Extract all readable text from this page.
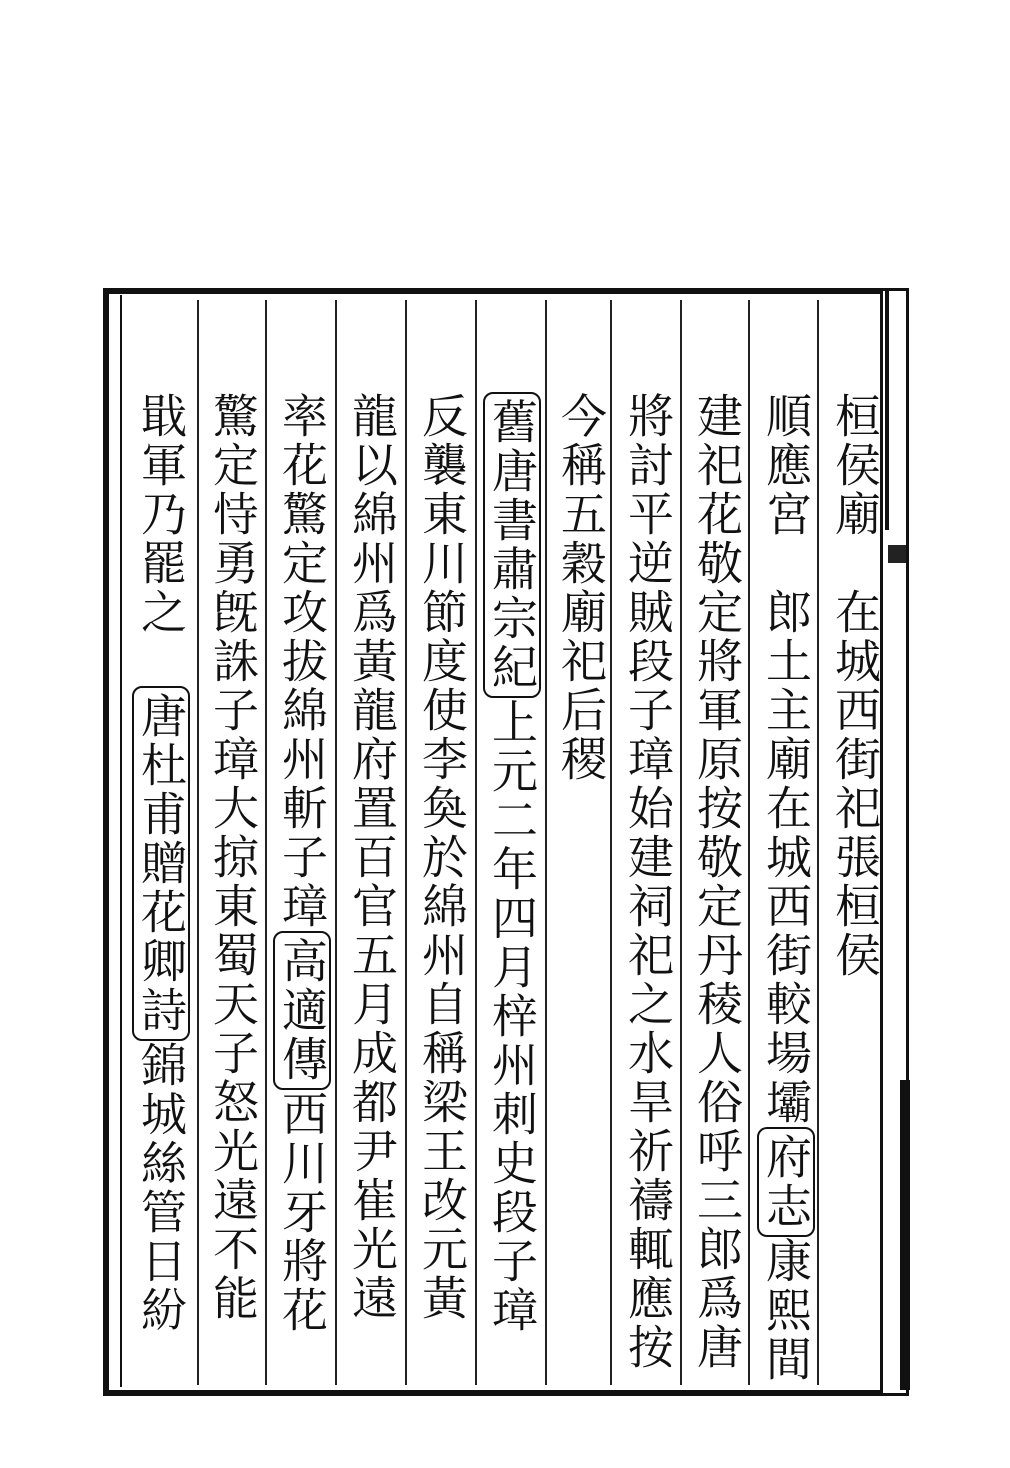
桓侯廟　在城西街祀張桓侯
順應宮　郎土主廟在城西街較場壩府志康熙間
建祀花敬定將軍原按敬定丹稜人俗呼三郎爲唐
將討平逆賊段子璋始建祠祀之水旱祈禱輒應按
今稱五穀廟祀后稷
舊唐書肅宗紀上元二年四月梓州刺史段子璋
反襲東川節度使李奐於綿州自稱梁王改元黃
龍以綿州爲黃龍府置百官五月成都尹崔光遠
率花驚定攻拔綿州斬子璋高適傳西川牙將花
驚定恃勇旣誅子璋大掠東蜀天子怒光遠不能
戢軍乃罷之　唐杜甫贈花卿詩錦城絲管日紛
